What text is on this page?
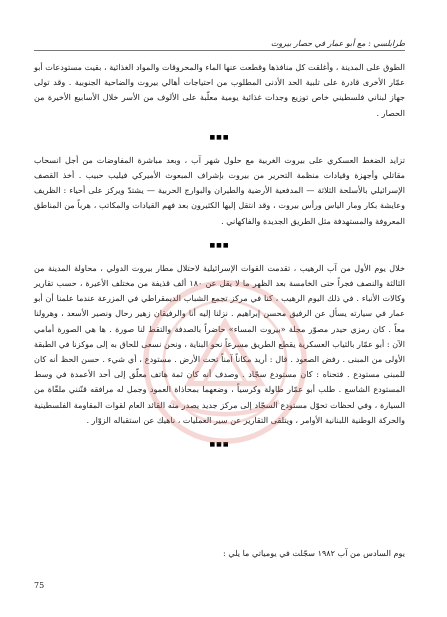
طرابلسي : مع أبو عمار في حصار بيروت

الطوق على المدينة ، وأغلقت كل منافذها وقطعت عنها الماء والمحروقات والمواد الغذائية ، بقيت مستودعات أبو عمّار الأخرى قادرة على تلبية الحد الأدنى المطلوب من احتياجات أهالي بيروت والضاحية الجنوبية . وقد تولى جهاز لبناني فلسطيني خاص توزيع وجدات غذائية يومية معلّبة على الألوف من الأسر خلال الأسابيع الأخيرة من الحصار .

■■■

تزايد الضغط العسكري على بيروت الغربية مع حلول شهر آب ، وبعد مباشرة المفاوضات من أجل انسحاب مقاتلي وأجهزة وقيادات منظمة التحرير من بيروت بإشراف المبعوث الأميركي فيليب حبيب . أخذ القصف الإسرائيلي بالأسلحة الثلاثة — المدفعية الأرضية والطيران والبوارج الحربية — يشتدّ ويركز على أحياء : الظريف وعايشة بكار ومار الياس ورأس بيروت ، وقد انتقل إليها الكثيرون بعد فهم القيادات والمكاتب ، هرباً من المناطق المعروفة والمستهدفة مثل الطريق الجديدة والفاكهاني .

■■■

خلال يوم الأول من آب الرهيب ، تقدمت القوات الإسرائيلية لاحتلال مطار بيروت الدولي ، محاولة المدينة من الثالثة والنصف فجراً حتى الخامسة بعد الظهر ما لا يقل عن ١٨٠ ألف قذيفة من مختلف الأعيرة ، حسب تقارير وكالات الأنباء . في ذلك اليوم الرهيب ، كنا في مركز تجمع الشباب الديمقراطي في المزرعة عندما علمنا أن أبو عمار في سيارته يسأل عن الرفيق محسن إبراهيم . نزلنا إليه أنا والرفيقان زهير رحال ونصير الأسعد ، وهرولنا معاً . كان رمزي حيدر مصوّر مجلة «بيروت المساء» حاضراً بالصدفة والتقط لنا صورة . ها هي الصورة أمامي الآن : أبو عمّار بالثياب العسكرية يقطع الطريق مسرعاً نحو البناية ، ونحن نسعى للحاق به إلى موكزنا في الطبقة الأولى من المبنى . رفض الصعود . قال : أريد مكاناً آمناً تحت الأرض . مستودع ، أي شيء . حسن الحظ أنه كان للمبنى مستودع . فتحناه : كان مستودع سجّاد . وصدف أنه كان ثمة هاتف معلّق إلى أحد الأعمدة في وسط المستودع الشاسع . طلب أبو عمّار طاولة وكرسياً ، وضعهما بمحاذاة العمود وجمل له مرافقه قنّنني ملقّاة من السيارة ، وفي لحظات تحوّل مستودع السجّاد إلى مركز جديد يصدر منه القائد العام لقوات المقاومة الفلسطينية والحركة الوطنية اللبنانية الأوامر ، ويتلقى التقارير عن سير العمليات ، ناهيك عن استقباله الزوّار .

■■■
يوم السادس من آب ١٩٨٢ سجّلت في يومياتي ما يلي :
75
